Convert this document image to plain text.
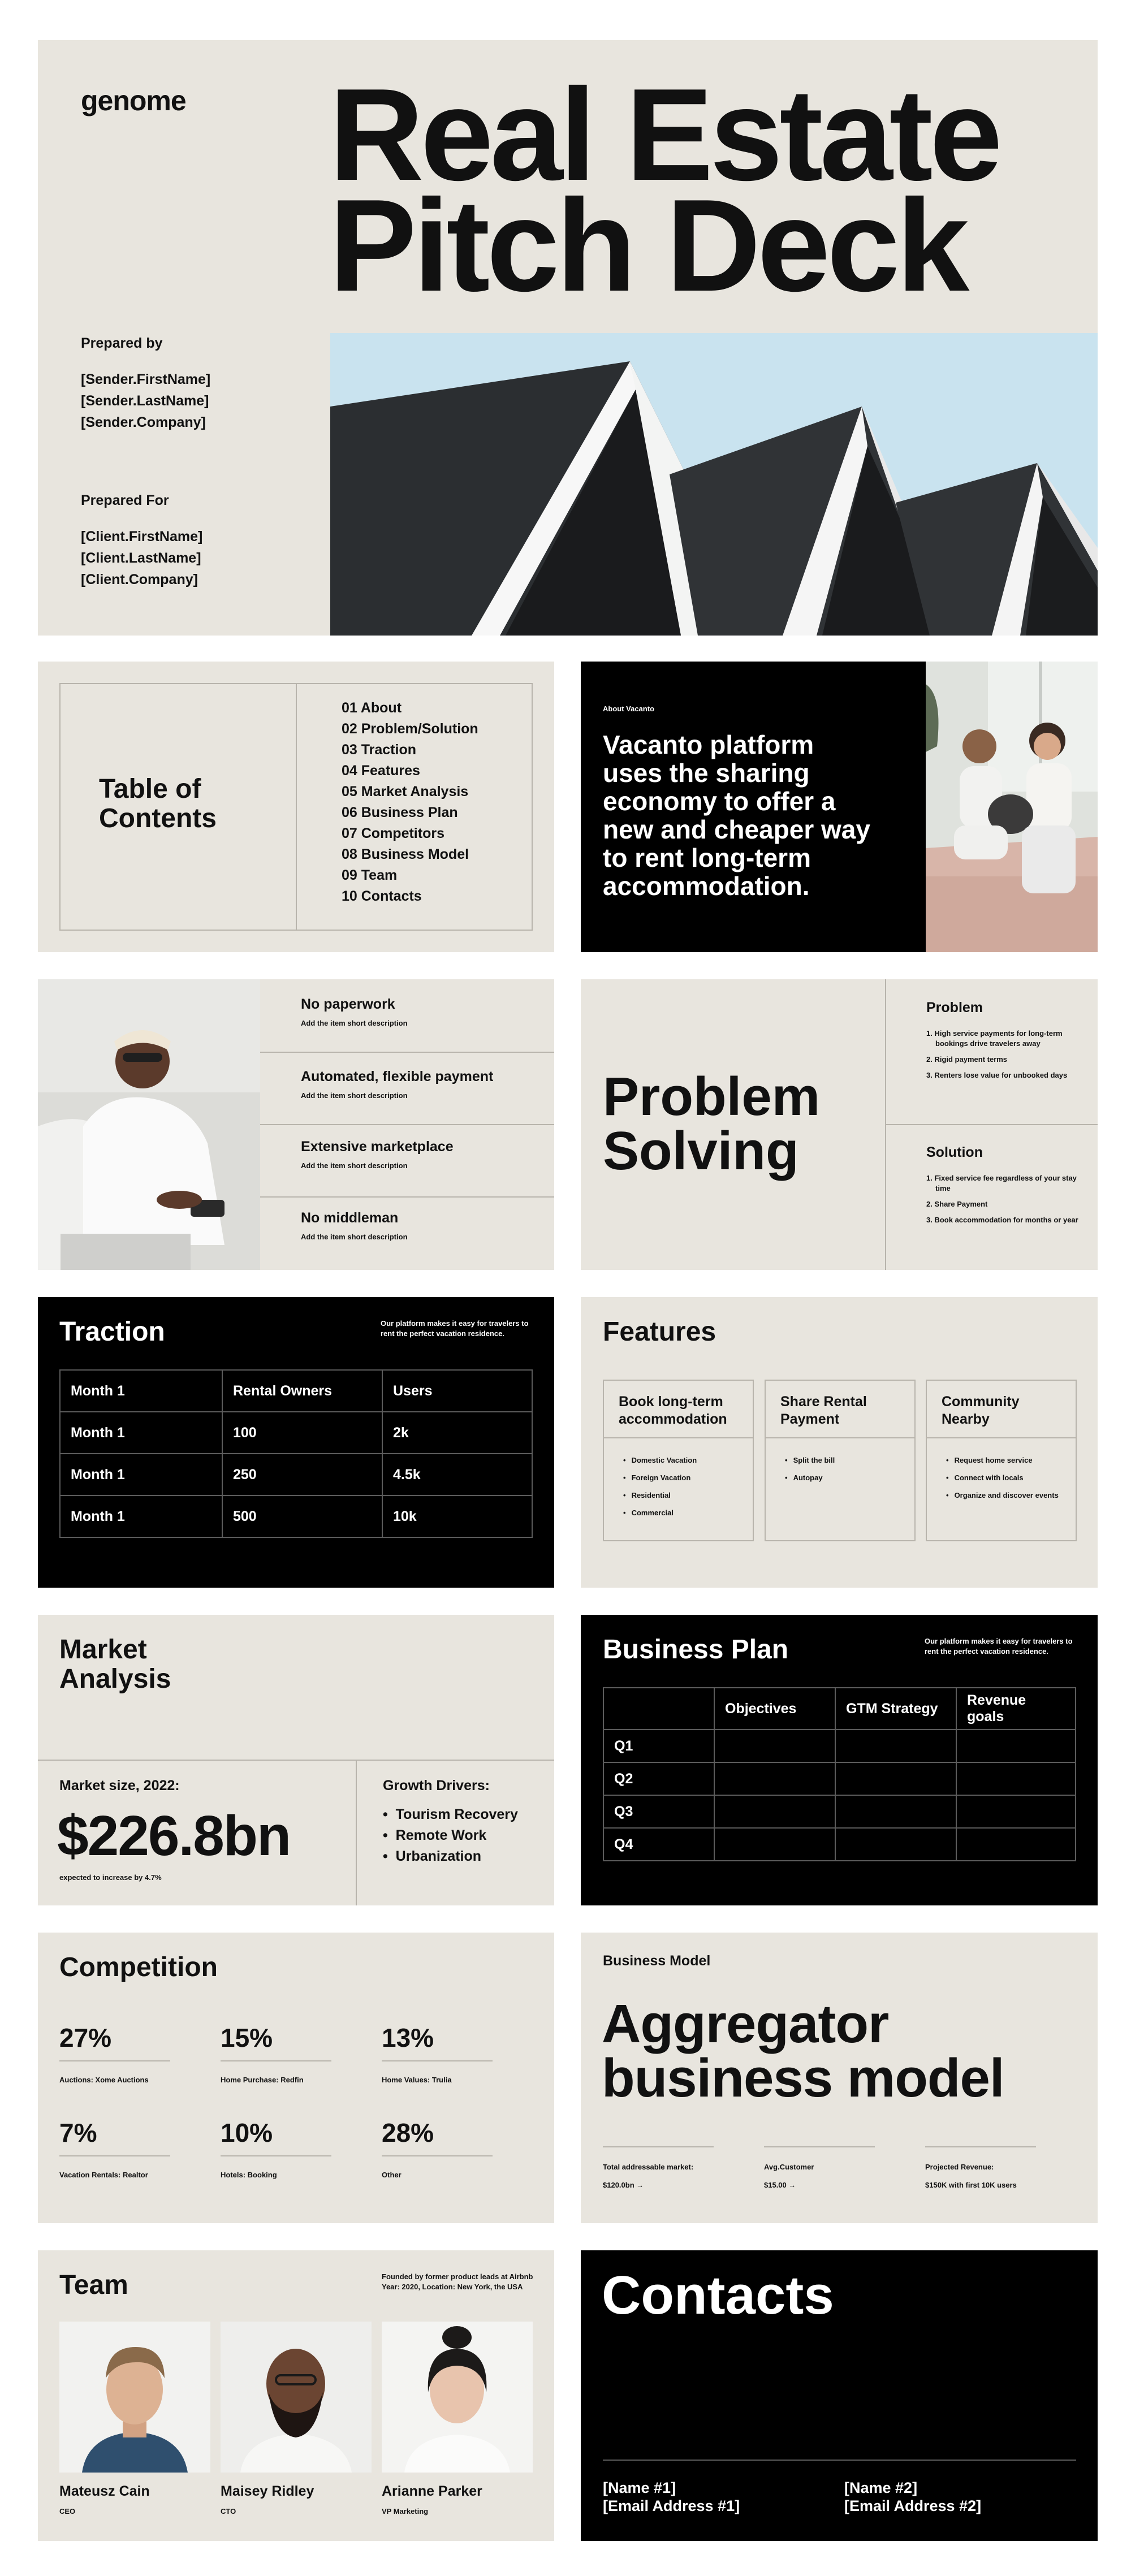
genome Real Estate
Pitch Deck
Prepared by
[Sender.FirstName]
[Sender.LastName]
[Sender.Company]
Prepared For
[Client.FirstName]
[Client.LastName]
[Client.Company]
Table of
Contents
01 About
02 Problem/Solution
03 Traction
04 Features
05 Market Analysis
06 Business Plan
07 Competitors
08 Business Model
09 Team
10 Contacts
About Vacanto
Vacanto platform
uses the sharing
economy to offer a
new and cheaper way
to rent long-term
accommodation.
No paperwork
Add the item short description
Automated, flexible payment
Add the item short description
Extensive marketplace
Add the item short description
No middleman
Add the item short description
Problem
Solving
Problem
1. High service payments for long-term
bookings drive travelers away
2. Rigid payment terms
3. Renters lose value for unbooked days
Solution
1. Fixed service fee regardless of your stay
time
2. Share Payment
3. Book accommodation for months or year
Traction	Our platform makes it easy for travelers to
rent the perfect vacation residence.
Month 1	Rental Owners	Users
Month 1	100	2k
Month 1	250	4.5k
Month 1	500	10k
Features
Book long-term
accommodation
• Domestic Vacation
• Foreign Vacation
• Residential
• Commercial
Share Rental
Payment
• Split the bill
• Autopay
Community
Nearby
• Request home service
• Connect with locals
• Organize and discover events
Market
Analysis
Market size, 2022:
$226.8bn
expected to increase by 4.7%
Growth Drivers:
•  Tourism Recovery
•  Remote Work
•  Urbanization
Business Plan	Our platform makes it easy for travelers to
rent the perfect vacation residence.
	Objectives	GTM Strategy	Revenue goals
Q1			
Q2			
Q3			
Q4			
Competition
27%
Auctions: Xome Auctions
15%
Home Purchase: Redfin
13%
Home Values: Trulia
7%
Vacation Rentals: Realtor
10%
Hotels: Booking
28%
Other
Business Model
Aggregator
business model
Total addressable market:
$120.0bn →
Avg.Customer
$15.00 →
Projected Revenue:
$150K with first 10K users
Team	Founded by former product leads at Airbnb
Year: 2020, Location: New York, the USA
Mateusz Cain
CEO
Maisey Ridley
CTO
Arianne Parker
VP Marketing
Contacts
[Name #1]
[Email Address #1]
[Name #2]
[Email Address #2]
